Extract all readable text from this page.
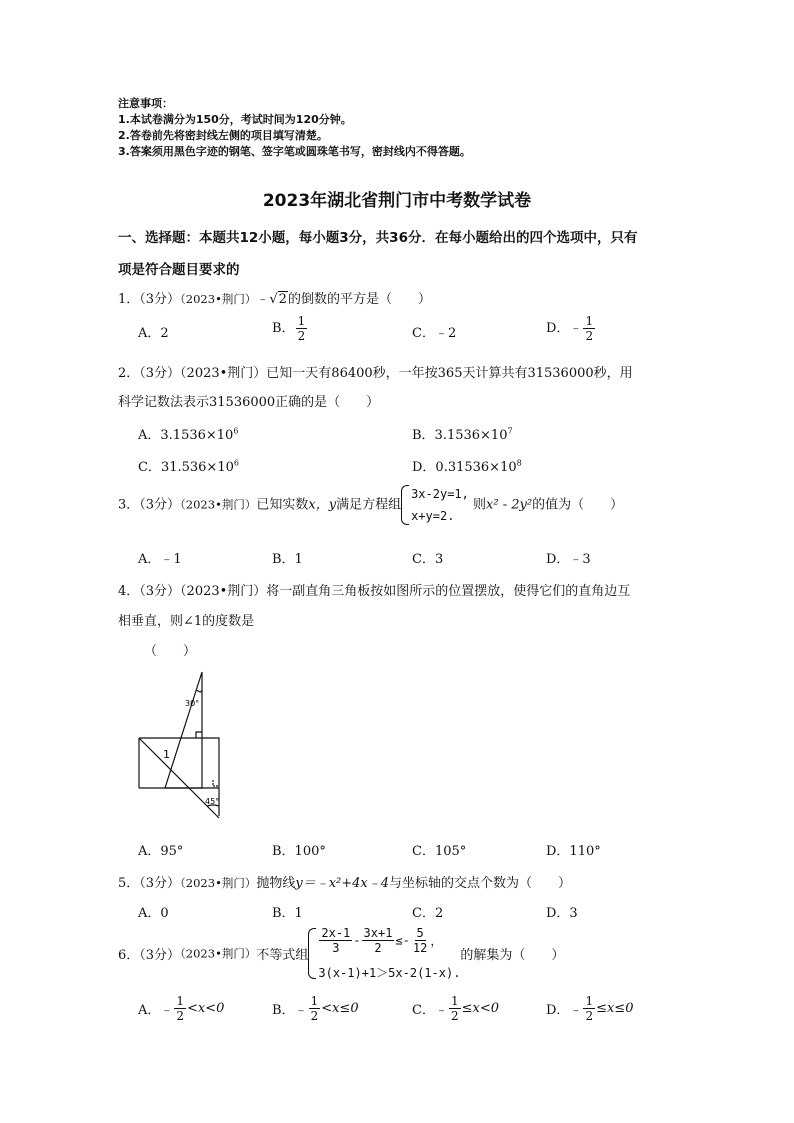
注意事项：
1.本试卷满分为150分，考试时间为120分钟。
2.答卷前先将密封线左侧的项目填写清楚。
3.答案须用黑色字迹的钢笔、签字笔或圆珠笔书写，密封线内不得答题。
2023年湖北省荆门市中考数学试卷
一、选择题：本题共12小题，每小题3分，共36分．在每小题给出的四个选项中，只有
项是符合题目要求的
1．（3分）（2023•荆门）﹣√2的倒数的平方是（　　）
A．2	B． $\frac{1}{2}$	C．﹣2	D．﹣ $\frac{1}{2}$
2．（3分）（2023•荆门）已知一天有86400秒，一年按365天计算共有31536000秒，用
科学记数法表示31536000正确的是（　　）
A．$3.1536\times 10^6$	B．$3.1536\times 10^7$
C．$31.536\times 10^6$	D．$0.31536\times 10^8$
3．（3分）（2023•荆门）已知实数x，y满足方程组
3x-2y=1,
x+y=2.
则x² - 2y²的值为（　　）
A．﹣1	B．1	C．3	D．﹣3
4．（3分）（2023•荆门）将一副直角三角板按如图所示的位置摆放，使得它们的直角边互
相垂直，则∠1的度数是
（　　）
30°
45°
1
A．95°	B．100°	C．105°	D．110°
5．（3分）（2023•荆门）抛物线y＝﹣x²+4x﹣4与坐标轴的交点个数为（　　）
A．0	B．1	C．2	D．3
6．（3分）（2023•荆门）不等式组
$\frac{2x-1}{3} - \frac{3x+1}{2} \le- \frac{5}{12}$ ，
3(x-1)+1＞5x-2(1-x).
的解集为（　　）
A．﹣ $\frac{1}{2} <x<0$	B．﹣ $\frac{1}{2} <x\le 0$	C．﹣ $\frac{1}{2} \le x<0$	D．﹣ $\frac{1}{2} \le x\le 0$
